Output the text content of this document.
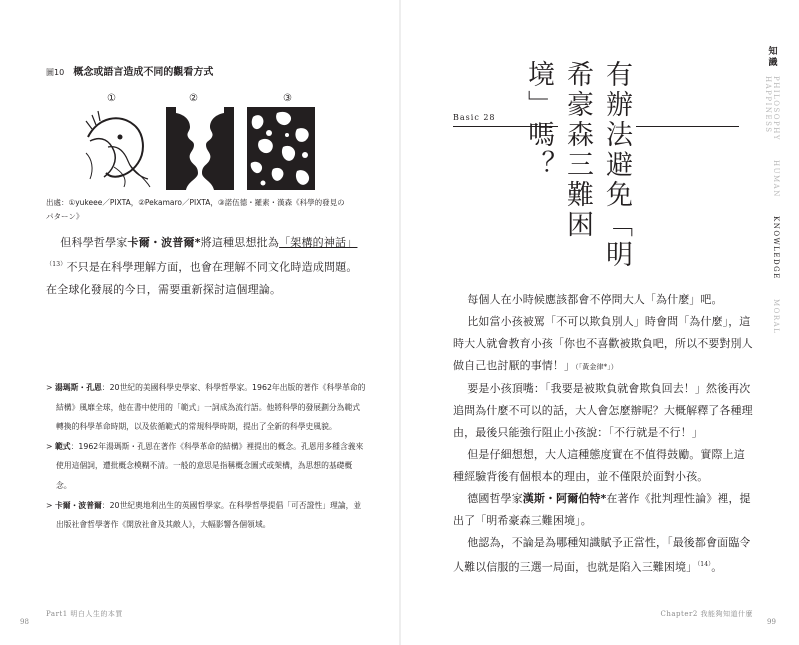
圖10 概念或語言造成不同的觀看方式
①	②	③
出處：①yukeee／PIXTA，②Pekamaro／PIXTA，③諾伍德・羅素・漢森《科學的發見のパターン》

但科學哲學家卡爾・波普爾*將這種思想批為「架構的神話」$^{(13)}$不只是在科學理解方面，也會在理解不同文化時造成問題。在全球化發展的今日，需要重新探討這個理論。

> 湯瑪斯・孔恩：20世紀的美國科學史學家、科學哲學家。1962年出版的著作《科學革命的結構》風靡全球，他在書中使用的「範式」一詞成為流行語。他將科學的發展劃分為範式轉換的科學革命時期，以及依循範式的常規科學時期，提出了全新的科學史風貌。
> 範式：1962年湯瑪斯・孔恩在著作《科學革命的結構》裡提出的概念。孔恩用多種含義來使用這個詞，遭批概念模糊不清。一般的意思是指稱概念圖式或架構，為思想的基礎概念。
> 卡爾・波普爾：20世紀奧地利出生的英國哲學家。在科學哲學提倡「可否證性」理論，並出版社會哲學著作《開放社會及其敵人》，大幅影響各個領域。
Part1 明白人生的本質
98
Basic 28	有辦法避免「明希豪森三難困境」嗎？
知識
PHILOSOPHY     HUMAN     KNOWLEDGE     MORAL     HAPPINESS

每個人在小時候應該都會不停問大人「為什麼」吧。

比如當小孩被罵「不可以欺負別人」時會問「為什麼」，這時大人就會教育小孩「你也不喜歡被欺負吧，所以不要對別人做自己也討厭的事情！」（「黃金律*」）

要是小孩頂嘴：「我要是被欺負就會欺負回去！」然後再次追問為什麼不可以的話，大人會怎麼辦呢？大概解釋了各種理由，最後只能強行阻止小孩說：「不行就是不行！」

但是仔細想想，大人這種態度實在不值得鼓勵。實際上這種經驗背後有個根本的理由，並不僅限於面對小孩。

德國哲學家漢斯・阿爾伯特*在著作《批判理性論》裡，提出了「明希豪森三難困境」。

他認為，不論是為哪種知識賦予正當性，「最後都會面臨令人難以信服的三選一局面，也就是陷入三難困境」$^{(14)}$。

Chapter2 我能夠知道什麼
99
